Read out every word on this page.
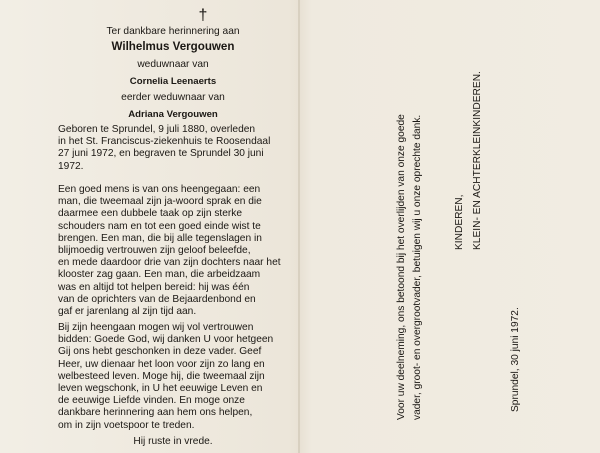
†
Ter dankbare herinnering aan
Wilhelmus Vergouwen
weduwnaar van
Cornelia Leenaerts
eerder weduwnaar van
Adriana Vergouwen
Geboren te Sprundel, 9 juli 1880, overleden
in het St. Franciscus-ziekenhuis te Roosendaal
27 juni 1972, en begraven te Sprundel 30 juni
1972.
Een goed mens is van ons heengegaan: een
man, die tweemaal zijn ja-woord sprak en die
daarmee een dubbele taak op zijn sterke
schouders nam en tot een goed einde wist te
brengen. Een man, die bij alle tegenslagen in
blijmoedig vertrouwen zijn geloof beleefde,
en mede daardoor drie van zijn dochters naar het
klooster zag gaan. Een man, die arbeidzaam
was en altijd tot helpen bereid: hij was één
van de oprichters van de Bejaardenbond en
gaf er jarenlang al zijn tijd aan.
Bij zijn heengaan mogen wij vol vertrouwen
bidden: Goede God, wij danken U voor hetgeen
Gij ons hebt geschonken in deze vader. Geef
Heer, uw dienaar het loon voor zijn zo lang en
welbesteed leven. Moge hij, die tweemaal zijn
leven wegschonk, in U het eeuwige Leven en
de eeuwige Liefde vinden. En moge onze
dankbare herinnering aan hem ons helpen,
om in zijn voetspoor te treden.
Hij ruste in vrede.
Voor uw deelneming, ons betoond bij het overlijden van onze goede vader, groot- en overgrootvader, betuigen wij u onze oprechte dank.	KINDEREN, KLEIN- EN ACHTERKLEINKINDEREN.
Sprundel, 30 juni 1972.
